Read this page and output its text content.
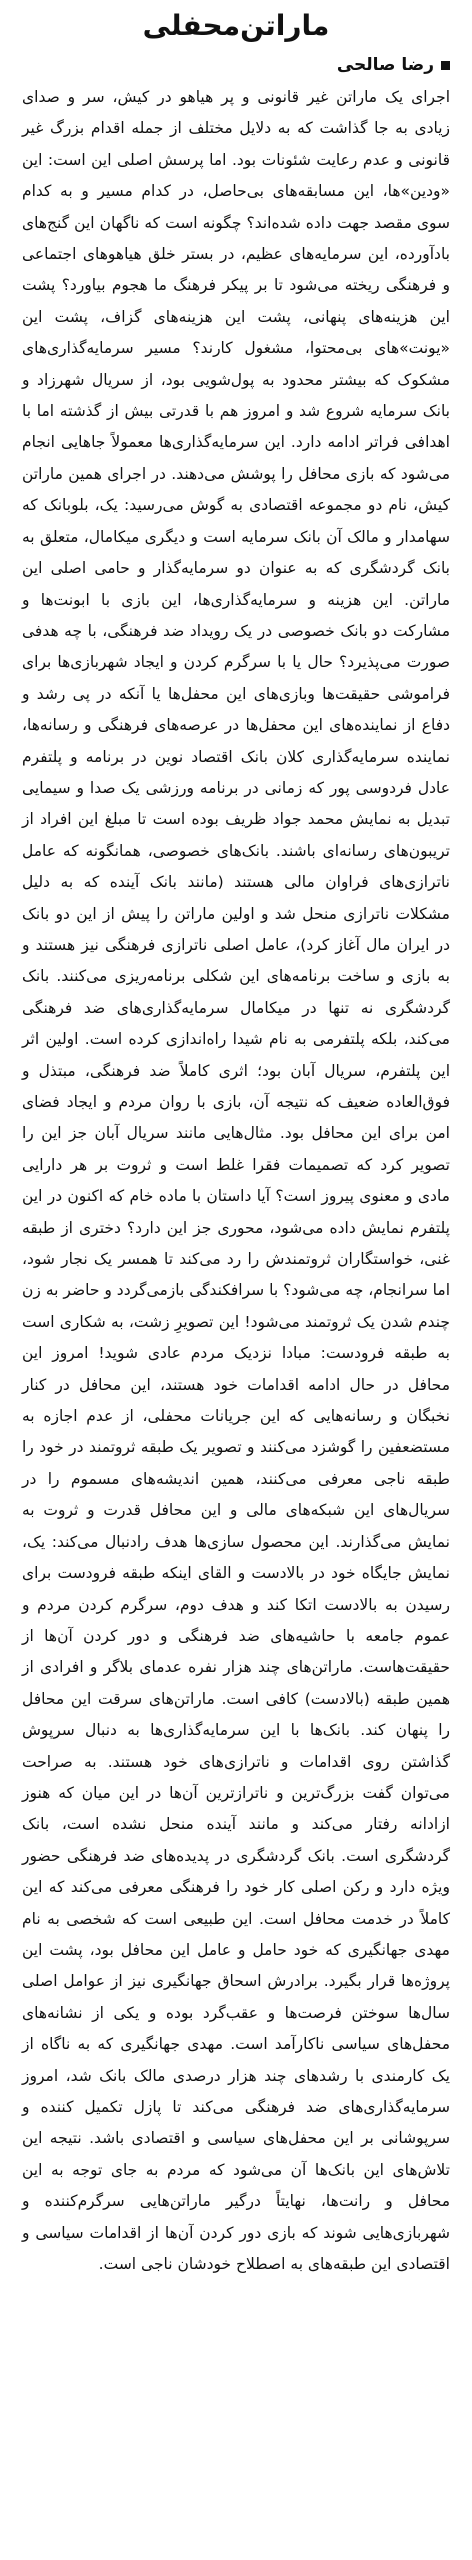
ماراتن‌محفلی
رضا صالحی

اجرای یک ماراتن غیر قانونی و پر هیاهو در کیش، سر و صدای زیادی به جا گذاشت که به دلایل مختلف از جمله اقدام بزرگ غیر قانونی و عدم رعایت شئونات بود. اما پرسش اصلی این است: این «ودین»ها، این مسابقه‌های بی‌حاصل، در کدام مسیر و به کدام سوی مقصد جهت داده شده‌اند؟ چگونه است که ناگهان این گنج‌های بادآورده، این سرمایه‌های عظیم، در بستر خلق هیاهوهای اجتماعی و فرهنگی ریخته می‌شود تا بر پیکر فرهنگ ما هجوم بیاورد؟ پشت این هزینه‌های پنهانی، پشت این هزینه‌های گزاف، پشت این «یونت»های بی‌محتوا، مشغول کارند؟ مسیر سرمایه‌گذاری‌های مشکوک که بیشتر محدود به پول‌شویی بود، از سریال شهرزاد و بانک سرمایه شروع شد و امروز هم با قدرتی بیش از گذشته اما با اهدافی فراتر ادامه دارد. این سرمایه‌گذاری‌ها معمولاً جاهایی انجام می‌شود که بازی محافل را پوشش می‌دهند. در اجرای همین ماراتن کیش، نام دو مجموعه اقتصادی به گوش می‌رسید: یک، بلوبانک که سهامدار و مالک آن بانک سرمایه است و دیگری میکامال، متعلق به بانک گردشگری که به عنوان دو سرمایه‌گذار و حامی اصلی این ماراتن. این هزینه و سرمایه‌گذاری‌ها، این بازی با ابونت‌ها و مشارکت دو بانک خصوصی در یک رویداد ضد فرهنگی، با چه هدفی صورت می‌پذیرد؟ حال یا با سرگرم کردن و ایجاد شهربازی‌ها برای فراموشی حقیقت‌ها وبازی‌های این محفل‌ها یا آنکه در پی رشد و دفاع از نماینده‌های این محفل‌ها در عرصه‌های فرهنگی و رسانه‌ها، نماینده سرمایه‌گذاری کلان بانک اقتصاد نوین در برنامه و پلتفرم عادل فردوسی پور که زمانی در برنامه ورزشی یک صدا و سیمایی تبدیل به نمایش محمد جواد ظریف بوده است تا مبلغ این افراد از تریبون‌های رسانه‌ای باشند. بانک‌های خصوصی، همانگونه که عامل ناترازی‌های فراوان مالی هستند (مانند بانک آینده که به دلیل مشکلات ناترازی منحل شد و اولین ماراتن را پیش از این دو بانک در ایران مال آغاز کرد)، عامل اصلی ناترازی فرهنگی نیز هستند و به بازی و ساخت برنامه‌های این شکلی برنامه‌ریزی می‌کنند. بانک گردشگری نه تنها در میکامال سرمایه‌گذاری‌های ضد فرهنگی می‌کند، بلکه پلتفرمی به نام شیدا راه‌اندازی کرده است. اولین اثر این پلتفرم، سریال آبان بود؛ اثری کاملاً ضد فرهنگی، مبتذل و فوق‌العاده ضعیف که نتیجه آن، بازی با روان مردم و ایجاد فضای امن برای این محافل بود. مثال‌هایی مانند سریال آبان جز این را تصویر کرد که تصمیمات فقرا غلط است و ثروت بر هر دارایی مادی و معنوی پیروز است؟ آیا داستان با ماده خام که اکنون در این پلتفرم نمایش داده می‌شود، محوری جز این دارد؟ دختری از طبقه غنی، خواستگاران ثروتمندش را رد می‌کند تا همسر یک نجار شود، اما سرانجام، چه می‌شود؟ با سرافکندگی بازمی‌گردد و حاضر به زن چندم شدن یک ثروتمند می‌شود! این تصویرِ زشت، به شکاری است به طبقه فرودست: مبادا نزدیک مردم عادی شوید! امروز این محافل در حال ادامه اقدامات خود هستند، این محافل در کنار نخبگان و رسانه‌هایی که این جریانات محفلی، از عدم اجازه به مستضعفین را گوشزد می‌کنند و تصویر یک طبقه ثروتمند در خود را طبقه ناجی معرفی می‌کنند، همین اندیشه‌های مسموم را در سریال‌های این شبکه‌های مالی و این محافل قدرت و ثروت به نمایش می‌گذارند. این محصول سازی‌ها هدف رادنبال می‌کند: یک، نمایش جایگاه خود در بالادست و القای اینکه طبقه فرودست برای رسیدن به بالادست اتکا کند و هدف دوم، سرگرم کردن مردم و عموم جامعه با حاشیه‌های ضد فرهنگی و دور کردن آن‌ها از حقیقت‌هاست. ماراتن‌های چند هزار نفره عدمای بلاگر و افرادی از همین طبقه (بالادست) کافی است. ماراتن‌های سرقت این محافل را پنهان کند. بانک‌ها با این سرمایه‌گذاری‌ها به دنبال سرپوش گذاشتن روی اقدامات و ناترازی‌های خود هستند. به صراحت می‌توان گفت بزرگ‌ترین و ناترازترین آن‌ها در این میان که هنوز ازادانه رفتار می‌کند و مانند آینده منحل نشده است، بانک گردشگری است. بانک گردشگری در پدیده‌های ضد فرهنگی حضور ویژه دارد و رکن اصلی کار خود را فرهنگی معرفی می‌کند که این کاملاً در خدمت محافل است. این طبیعی است که شخصی به نام مهدی جهانگیری که خود حامل و عامل این محافل بود، پشت این پروژه‌ها قرار بگیرد. برادرش اسحاق جهانگیری نیز از عوامل اصلی سال‌ها سوختن فرصت‌ها و عقب‌گرد بوده و یکی از نشانه‌های محفل‌های سیاسی ناکارآمد است. مهدی جهانگیری که به ناگاه از یک کارمندی با رشدهای چند هزار درصدی مالک بانک شد، امروز سرمایه‌گذاری‌های ضد فرهنگی می‌کند تا پازل تکمیل کننده و سرپوشانی بر این محفل‌های سیاسی و اقتصادی باشد. نتیجه این تلاش‌های این بانک‌ها آن می‌شود که مردم به جای توجه به این محافل و رانت‌ها، نهایتاً درگیر ماراتن‌هایی سرگرم‌کننده و شهربازی‌هایی شوند که بازی دور کردن آن‌ها از اقدامات سیاسی و اقتصادی این طبقه‌های به اصطلاح خودشان ناجی است.
